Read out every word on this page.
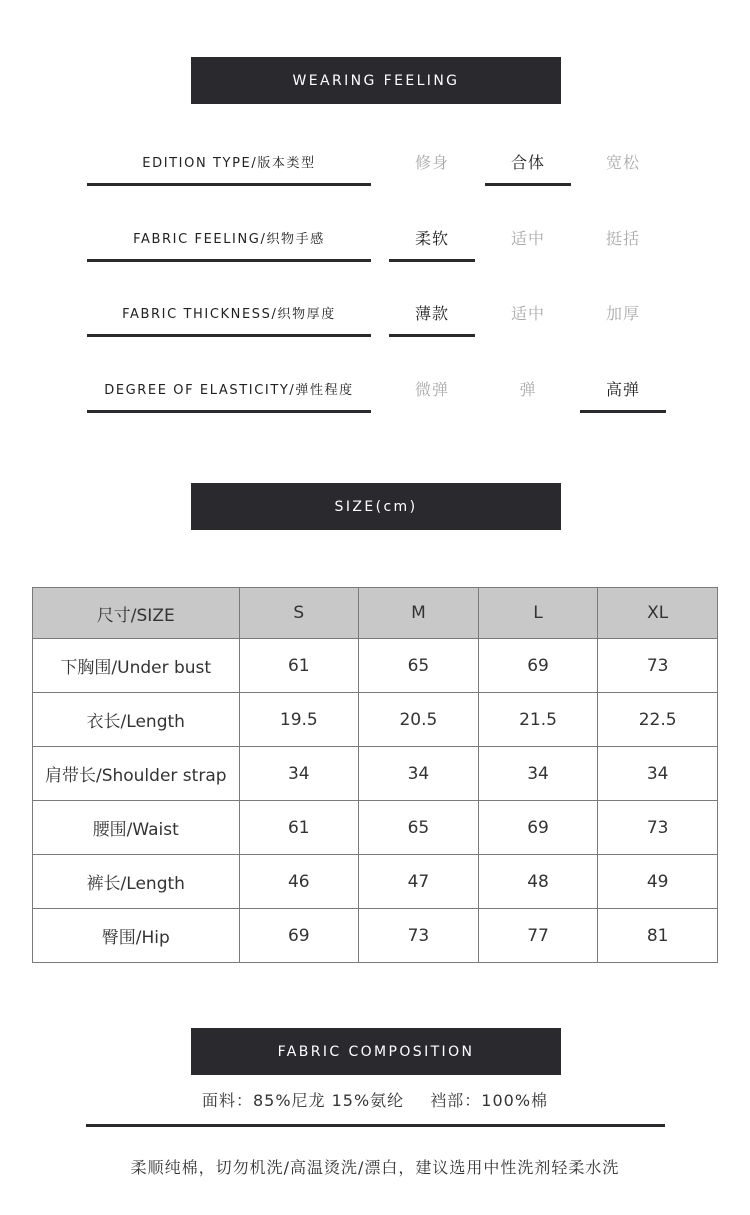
WEARING FEELING
EDITION TYPE/版本类型	修身	合体	宽松
FABRIC FEELING/织物手感	柔软	适中	挺括
FABRIC THICKNESS/织物厚度	薄款	适中	加厚
DEGREE OF ELASTICITY/弹性程度	微弹	弹	高弹
SIZE(cm)
尺寸/SIZE	S	M	L	XL
下胸围/Under bust	61	65	69	73
衣长/Length	19.5	20.5	21.5	22.5
肩带长/Shoulder strap	34	34	34	34
腰围/Waist	61	65	69	73
裤长/Length	46	47	48	49
臀围/Hip	69	73	77	81
FABRIC COMPOSITION
面料：85%尼龙 15%氨纶 裆部：100%棉
柔顺纯棉，切勿机洗/高温烫洗/漂白，建议选用中性洗剂轻柔水洗
